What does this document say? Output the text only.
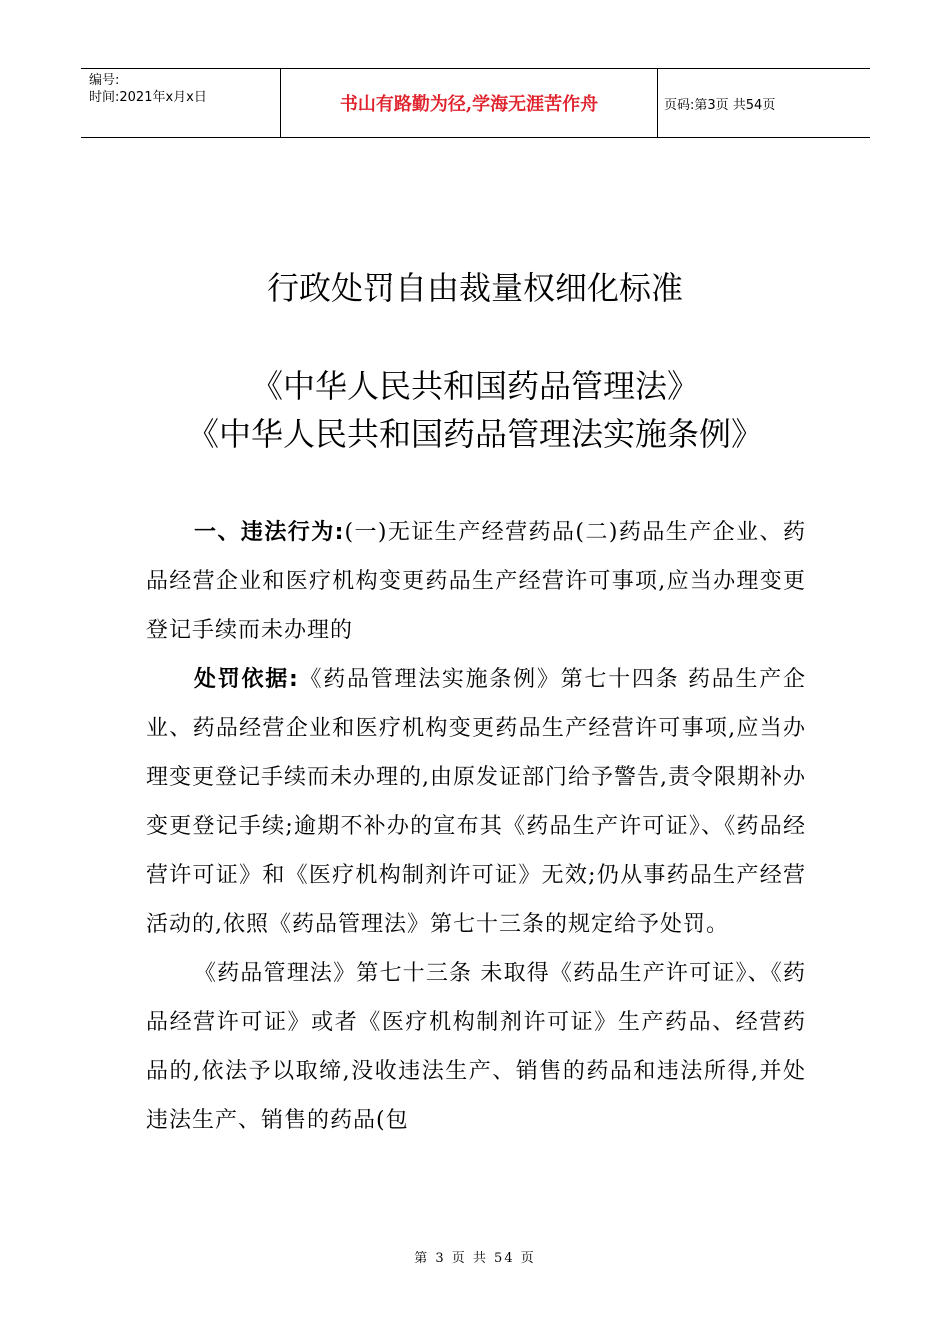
编号:
时间:2021年x月x日	书山有路勤为径,学海无涯苦作舟	页码:第3页 共54页
行政处罚自由裁量权细化标准
《中华人民共和国药品管理法》
《中华人民共和国药品管理法实施条例》

一、违法行为:(一)无证生产经营药品(二)药品生产企业、药品经营企业和医疗机构变更药品生产经营许可事项,应当办理变更登记手续而未办理的

处罚依据:《药品管理法实施条例》第七十四条 药品生产企业、药品经营企业和医疗机构变更药品生产经营许可事项,应当办理变更登记手续而未办理的,由原发证部门给予警告,责令限期补办变更登记手续;逾期不补办的宣布其《药品生产许可证》、《药品经营许可证》和《医疗机构制剂许可证》无效;仍从事药品生产经营活动的,依照《药品管理法》第七十三条的规定给予处罚。

《药品管理法》第七十三条 未取得《药品生产许可证》、《药品经营许可证》或者《医疗机构制剂许可证》生产药品、经营药品的,依法予以取缔,没收违法生产、销售的药品和违法所得,并处违法生产、销售的药品(包

第 3 页 共 54 页
